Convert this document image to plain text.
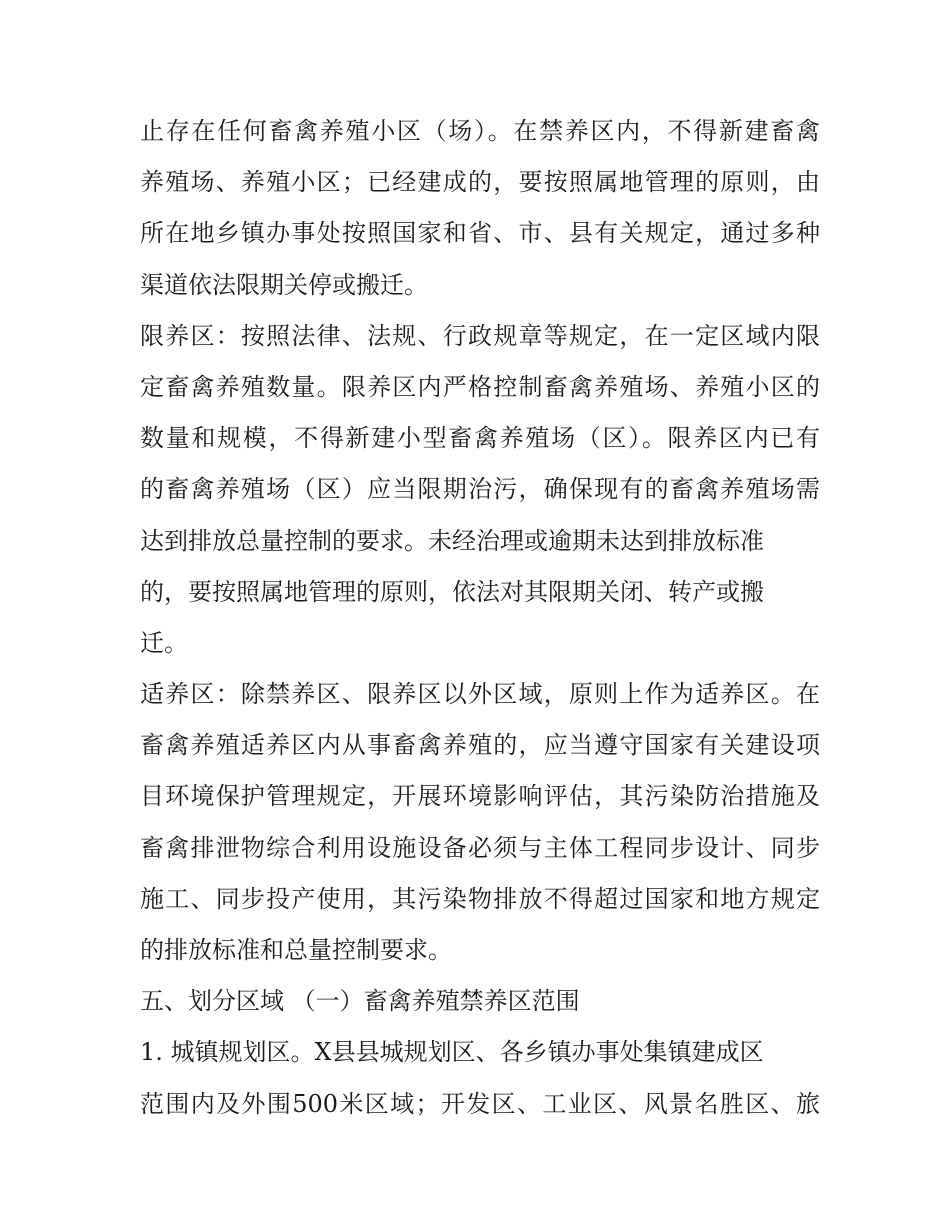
止存在任何畜禽养殖小区（场）。在禁养区内，不得新建畜禽
养殖场、养殖小区；已经建成的，要按照属地管理的原则，由
所在地乡镇办事处按照国家和省、市、县有关规定，通过多种
渠道依法限期关停或搬迁。
限养区：按照法律、法规、行政规章等规定，在一定区域内限
定畜禽养殖数量。限养区内严格控制畜禽养殖场、养殖小区的
数量和规模，不得新建小型畜禽养殖场（区）。限养区内已有
的畜禽养殖场（区）应当限期治污，确保现有的畜禽养殖场需
达到排放总量控制的要求。未经治理或逾期未达到排放标准
的，要按照属地管理的原则，依法对其限期关闭、转产或搬
迁。
适养区：除禁养区、限养区以外区域，原则上作为适养区。在
畜禽养殖适养区内从事畜禽养殖的，应当遵守国家有关建设项
目环境保护管理规定，开展环境影响评估，其污染防治措施及
畜禽排泄物综合利用设施设备必须与主体工程同步设计、同步
施工、同步投产使用，其污染物排放不得超过国家和地方规定
的排放标准和总量控制要求。
五、划分区域 （一）畜禽养殖禁养区范围
1. 城镇规划区。X县县城规划区、各乡镇办事处集镇建成区
范围内及外围500米区域；开发区、工业区、风景名胜区、旅
